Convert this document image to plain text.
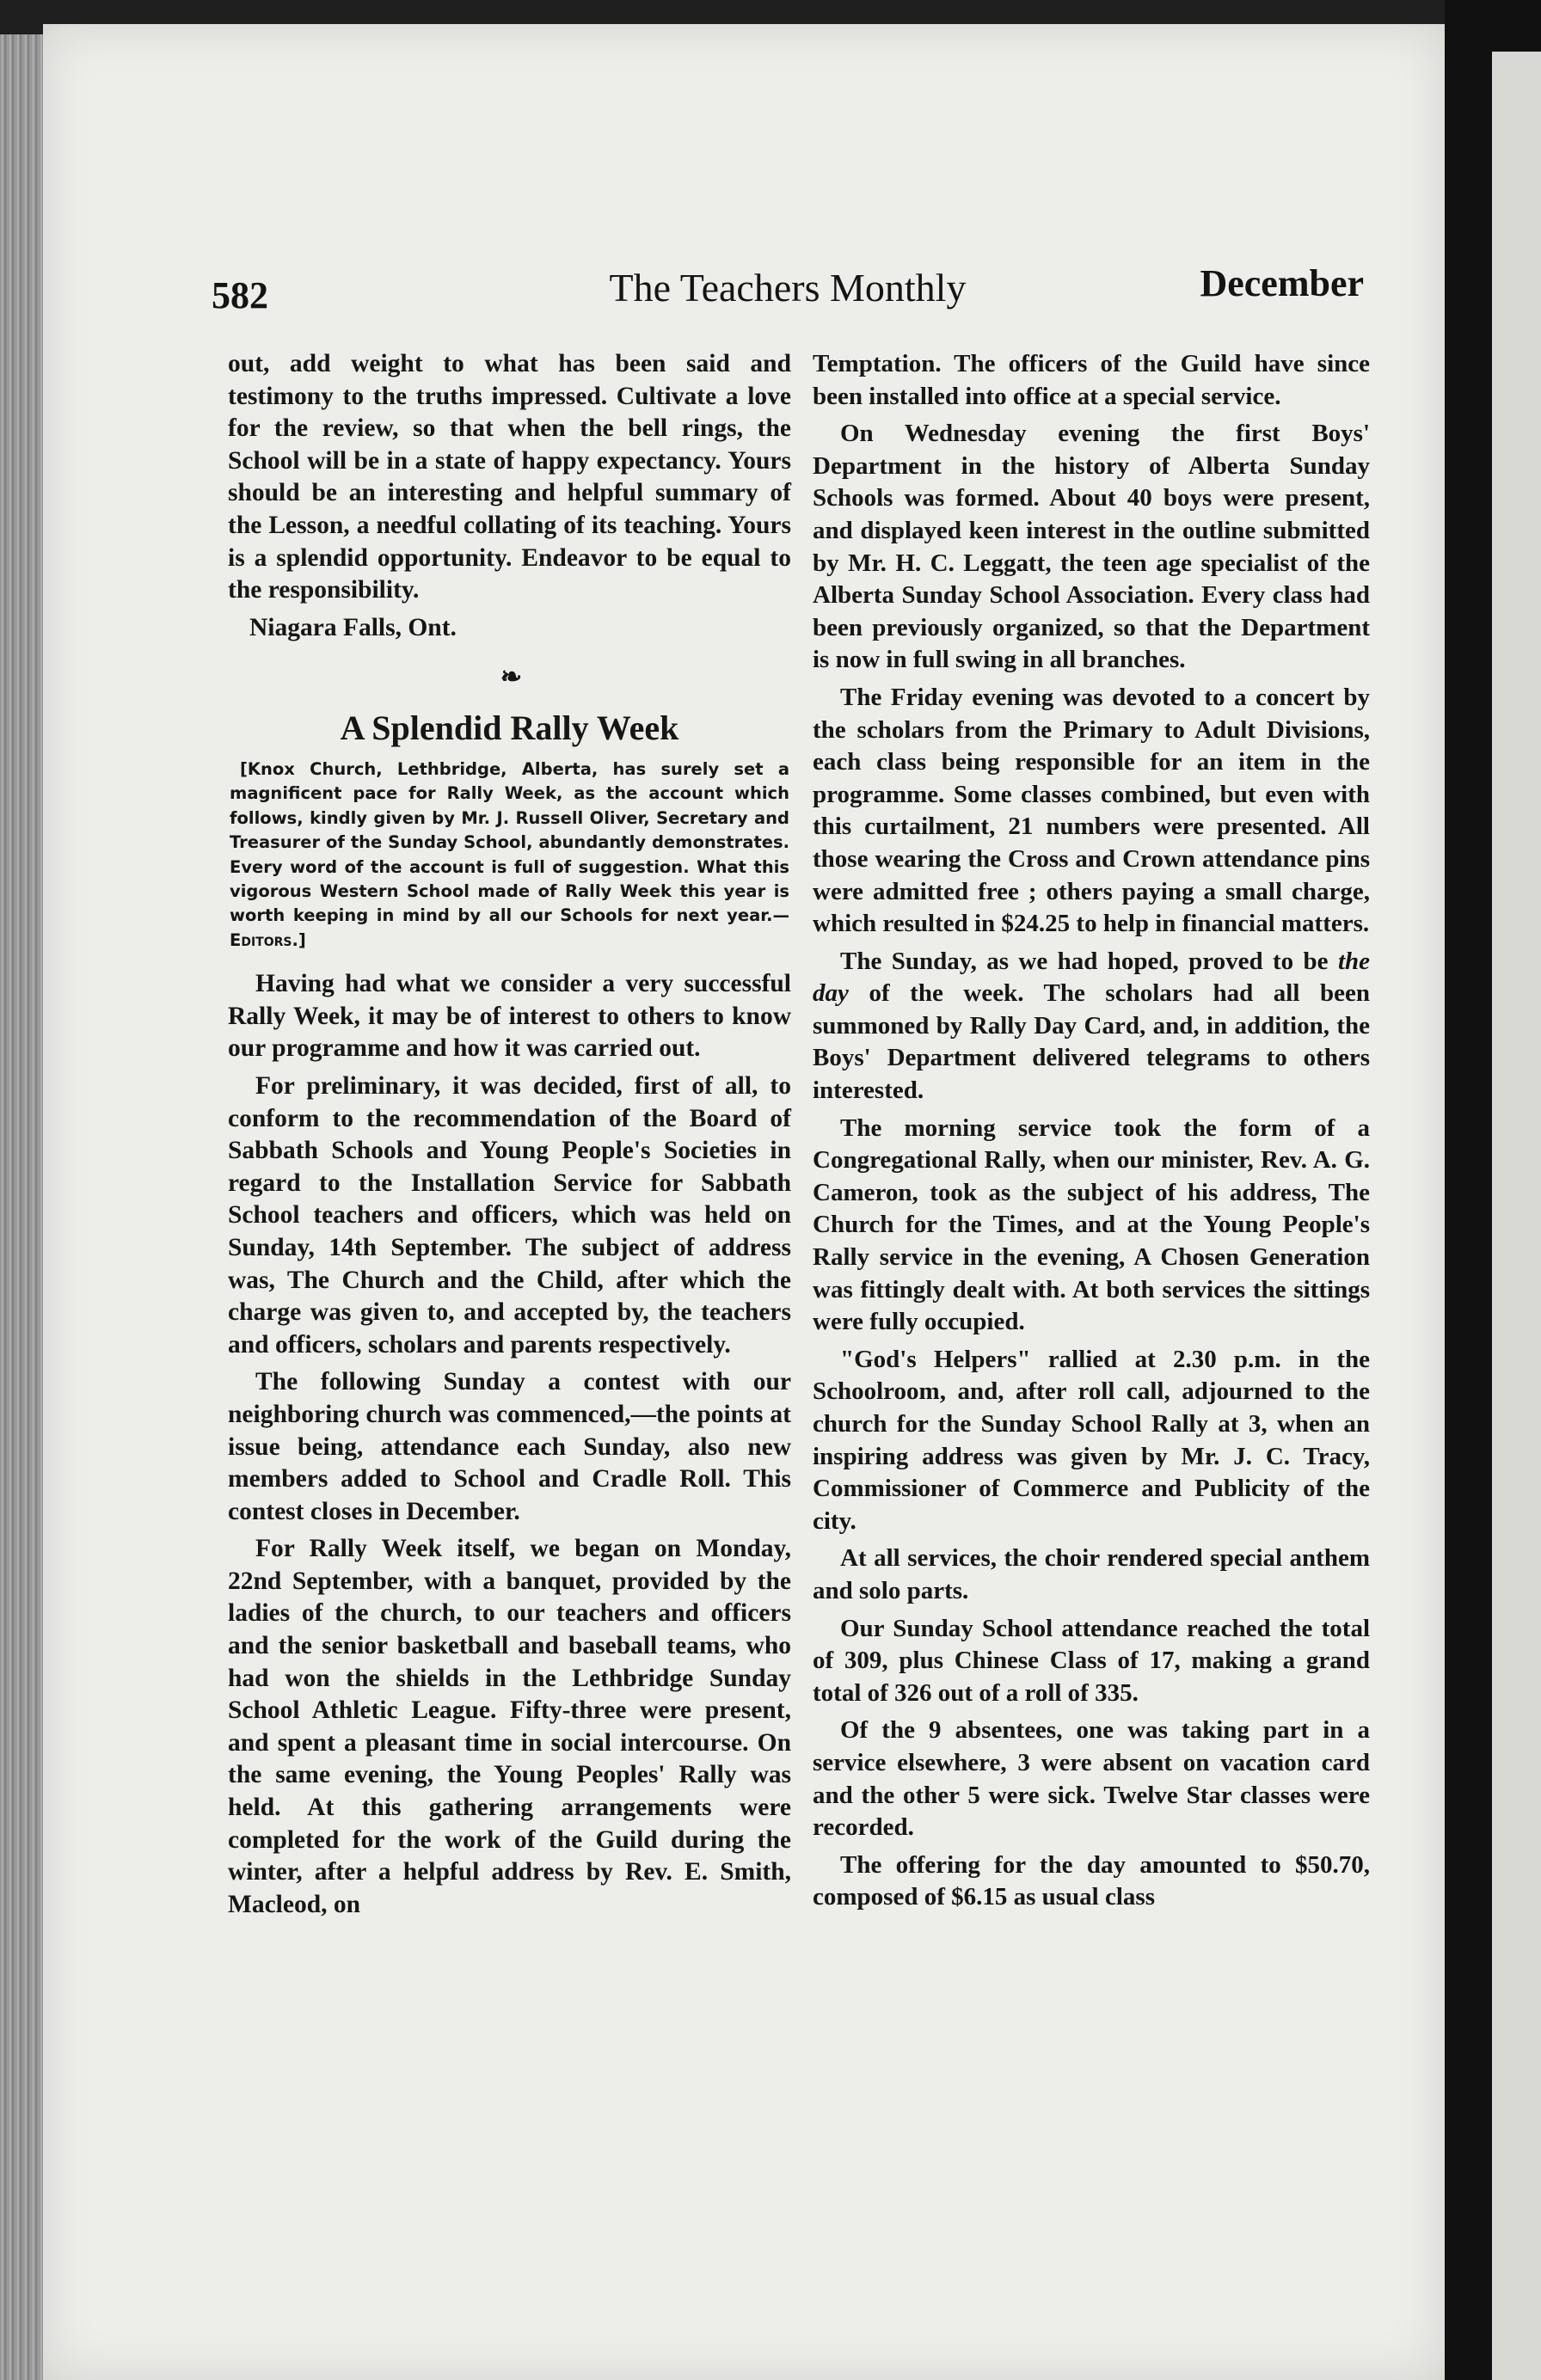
582	The Teachers Monthly	December

out, add weight to what has been said and testimony to the truths impressed. Cultivate a love for the review, so that when the bell rings, the School will be in a state of happy expectancy. Yours should be an interesting and helpful summary of the Lesson, a needful collating of its teaching. Yours is a splendid opportunity. Endeavor to be equal to the responsibility.

Niagara Falls, Ont.

❧
A Splendid Rally Week
[Knox Church, Lethbridge, Alberta, has surely set a magnificent pace for Rally Week, as the account which follows, kindly given by Mr. J. Russell Oliver, Secretary and Treasurer of the Sunday School, abundantly demonstrates. Every word of the account is full of suggestion. What this vigorous Western School made of Rally Week this year is worth keeping in mind by all our Schools for next year.—Editors.]

Having had what we consider a very successful Rally Week, it may be of interest to others to know our programme and how it was carried out.

For preliminary, it was decided, first of all, to conform to the recommendation of the Board of Sabbath Schools and Young People's Societies in regard to the Installation Service for Sabbath School teachers and officers, which was held on Sunday, 14th September. The subject of address was, The Church and the Child, after which the charge was given to, and accepted by, the teachers and officers, scholars and parents respectively.

The following Sunday a contest with our neighboring church was commenced,—the points at issue being, attendance each Sunday, also new members added to School and Cradle Roll. This contest closes in December.

For Rally Week itself, we began on Monday, 22nd September, with a banquet, provided by the ladies of the church, to our teachers and officers and the senior basketball and baseball teams, who had won the shields in the Lethbridge Sunday School Athletic League. Fifty-three were present, and spent a pleasant time in social intercourse. On the same evening, the Young Peoples' Rally was held. At this gathering arrangements were completed for the work of the Guild during the winter, after a helpful address by Rev. E. Smith, Macleod, on

Temptation. The officers of the Guild have since been installed into office at a special service.

On Wednesday evening the first Boys' Department in the history of Alberta Sunday Schools was formed. About 40 boys were present, and displayed keen interest in the outline submitted by Mr. H. C. Leggatt, the teen age specialist of the Alberta Sunday School Association. Every class had been previously organized, so that the Department is now in full swing in all branches.

The Friday evening was devoted to a concert by the scholars from the Primary to Adult Divisions, each class being responsible for an item in the programme. Some classes combined, but even with this curtailment, 21 numbers were presented. All those wearing the Cross and Crown attendance pins were admitted free ; others paying a small charge, which resulted in $24.25 to help in financial matters.

The Sunday, as we had hoped, proved to be the day of the week. The scholars had all been summoned by Rally Day Card, and, in addition, the Boys' Department delivered telegrams to others interested.

The morning service took the form of a Congregational Rally, when our minister, Rev. A. G. Cameron, took as the subject of his address, The Church for the Times, and at the Young People's Rally service in the evening, A Chosen Generation was fittingly dealt with. At both services the sittings were fully occupied.

"God's Helpers" rallied at 2.30 p.m. in the Schoolroom, and, after roll call, adjourned to the church for the Sunday School Rally at 3, when an inspiring address was given by Mr. J. C. Tracy, Commissioner of Commerce and Publicity of the city.

At all services, the choir rendered special anthem and solo parts.

Our Sunday School attendance reached the total of 309, plus Chinese Class of 17, making a grand total of 326 out of a roll of 335.

Of the 9 absentees, one was taking part in a service elsewhere, 3 were absent on vacation card and the other 5 were sick. Twelve Star classes were recorded.

The offering for the day amounted to $50.70, composed of $6.15 as usual class
